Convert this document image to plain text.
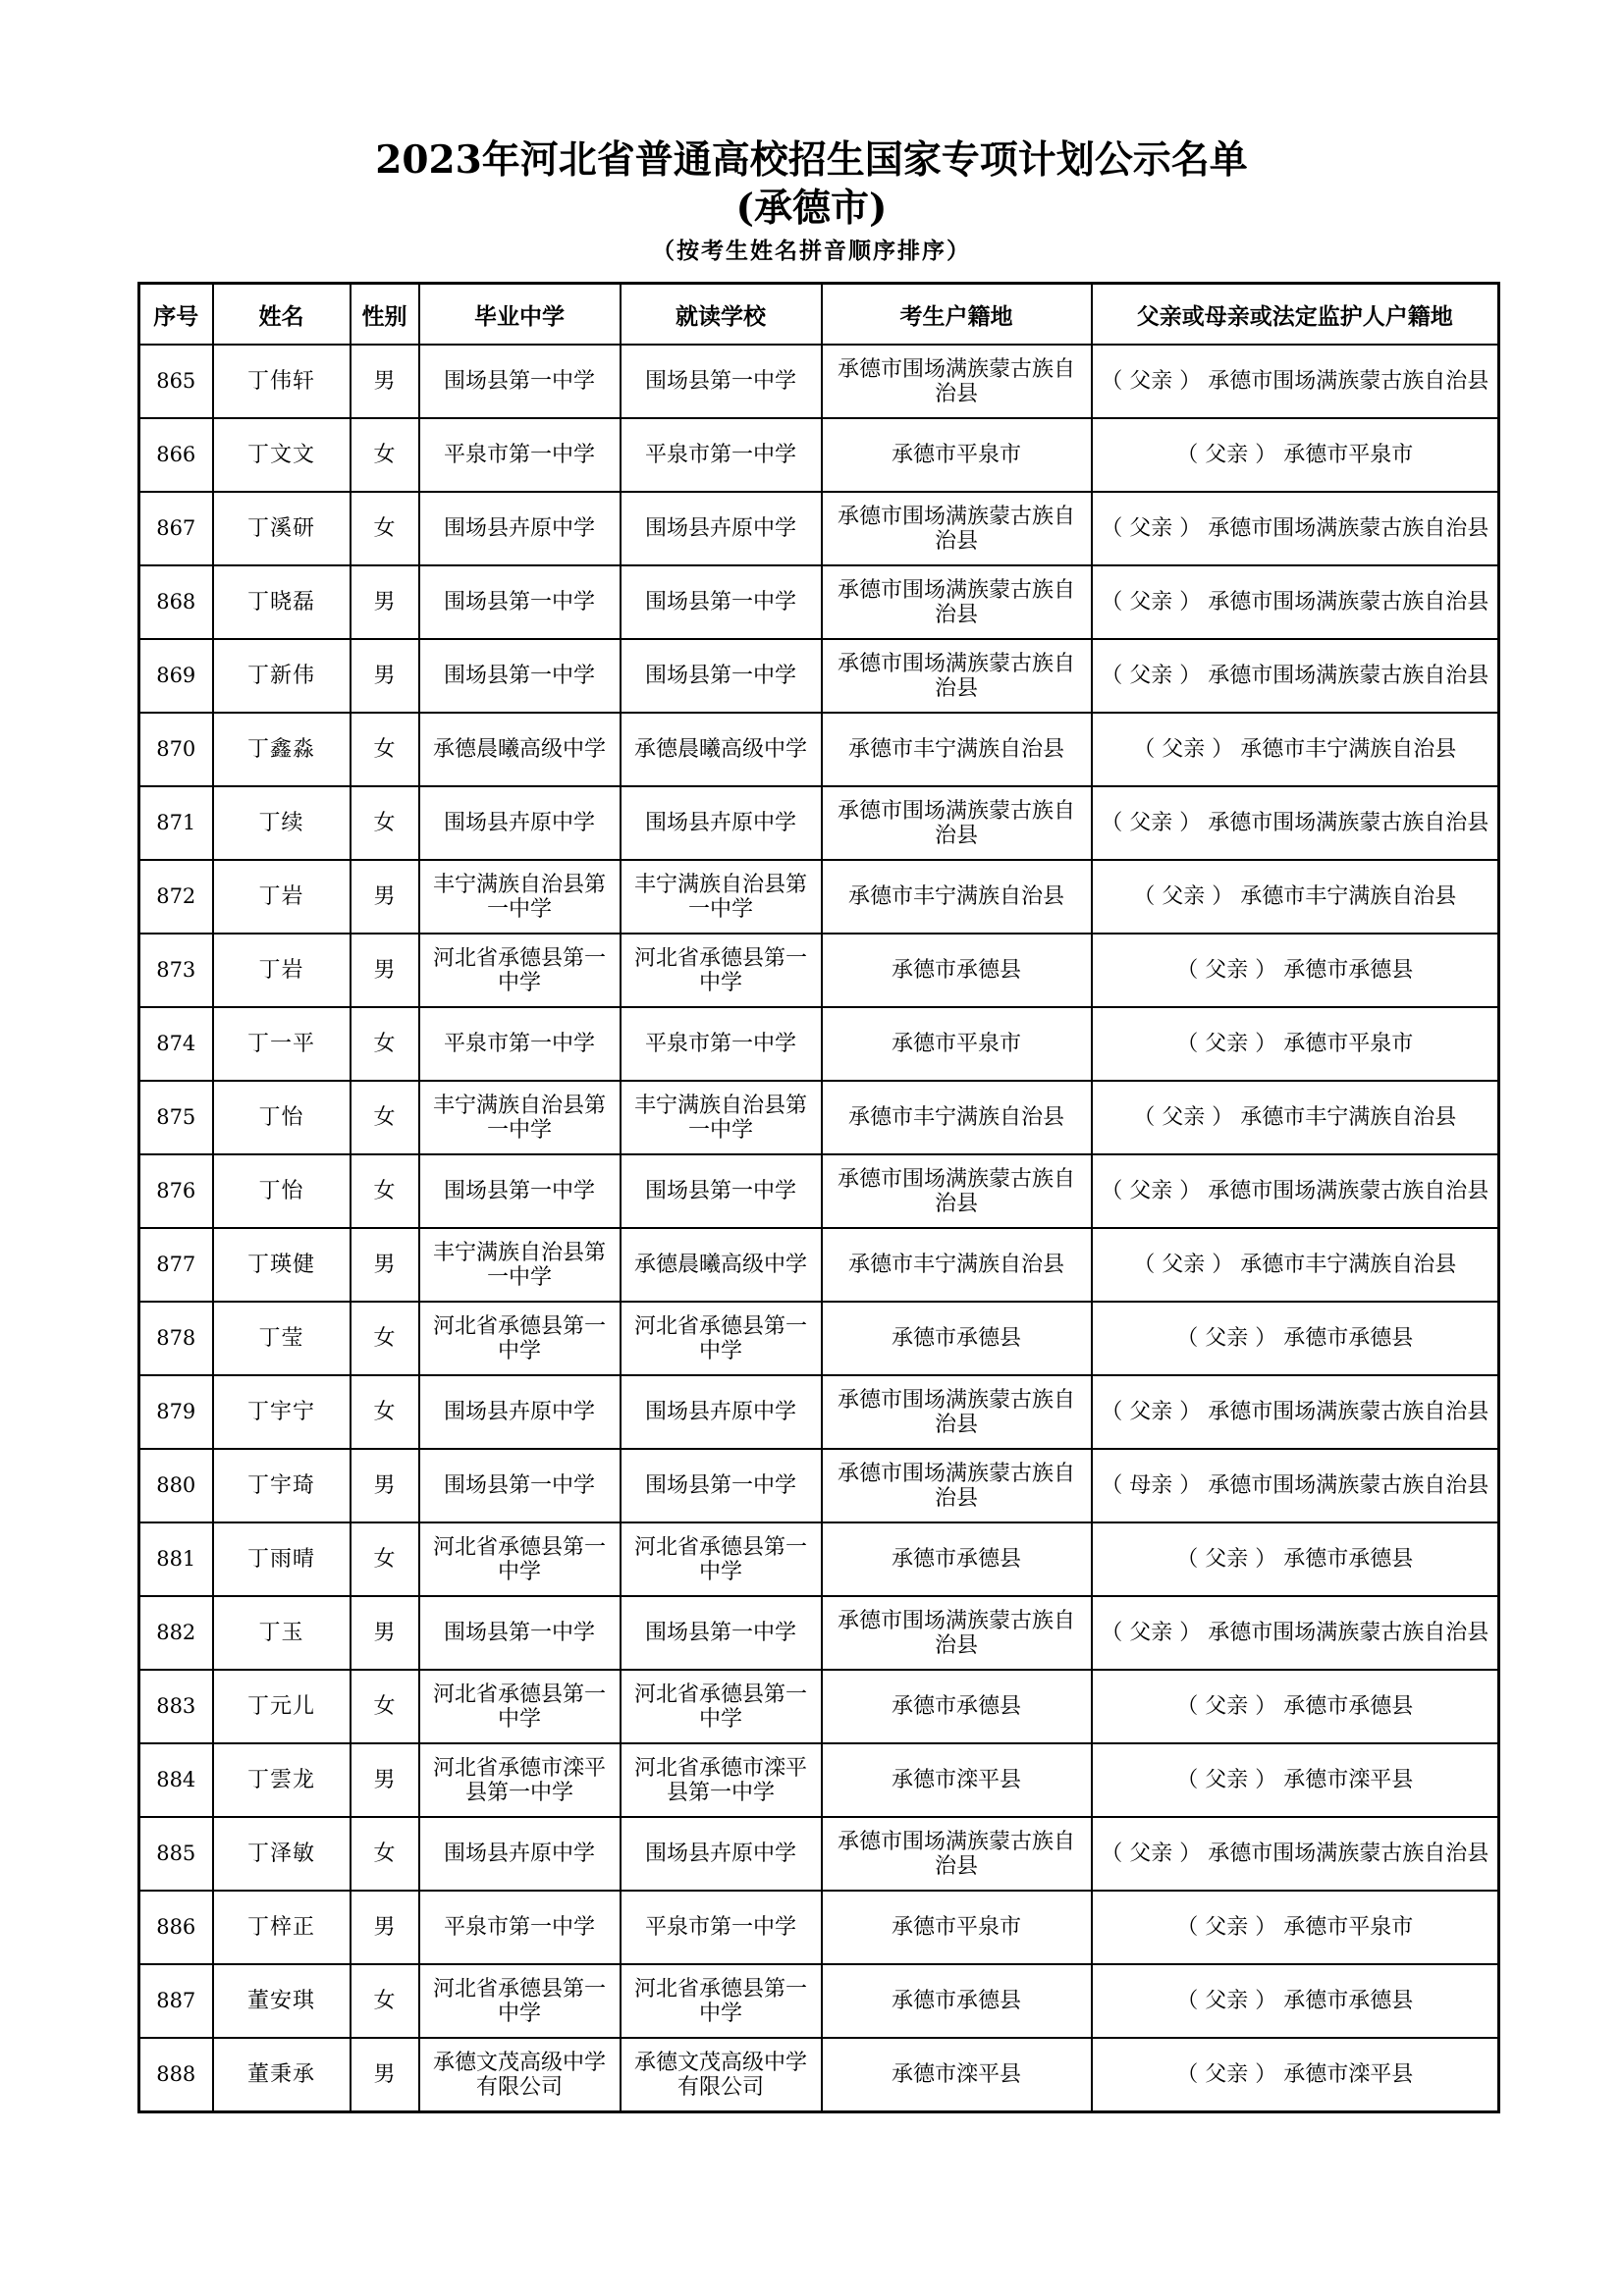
2023年河北省普通高校招生国家专项计划公示名单
(承德市)
（按考生姓名拼音顺序排序）
序号	姓名	性别	毕业中学	就读学校	考生户籍地	父亲或母亲或法定监护人户籍地
865	丁伟轩	男	围场县第一中学	围场县第一中学	承德市围场满族蒙古族自治县	（ 父亲 ） 承德市围场满族蒙古族自治县
866	丁文文	女	平泉市第一中学	平泉市第一中学	承德市平泉市	（ 父亲 ） 承德市平泉市
867	丁溪研	女	围场县卉原中学	围场县卉原中学	承德市围场满族蒙古族自治县	（ 父亲 ） 承德市围场满族蒙古族自治县
868	丁晓磊	男	围场县第一中学	围场县第一中学	承德市围场满族蒙古族自治县	（ 父亲 ） 承德市围场满族蒙古族自治县
869	丁新伟	男	围场县第一中学	围场县第一中学	承德市围场满族蒙古族自治县	（ 父亲 ） 承德市围场满族蒙古族自治县
870	丁鑫淼	女	承德晨曦高级中学	承德晨曦高级中学	承德市丰宁满族自治县	（ 父亲 ） 承德市丰宁满族自治县
871	丁续	女	围场县卉原中学	围场县卉原中学	承德市围场满族蒙古族自治县	（ 父亲 ） 承德市围场满族蒙古族自治县
872	丁岩	男	丰宁满族自治县第一中学	丰宁满族自治县第一中学	承德市丰宁满族自治县	（ 父亲 ） 承德市丰宁满族自治县
873	丁岩	男	河北省承德县第一中学	河北省承德县第一中学	承德市承德县	（ 父亲 ） 承德市承德县
874	丁一平	女	平泉市第一中学	平泉市第一中学	承德市平泉市	（ 父亲 ） 承德市平泉市
875	丁怡	女	丰宁满族自治县第一中学	丰宁满族自治县第一中学	承德市丰宁满族自治县	（ 父亲 ） 承德市丰宁满族自治县
876	丁怡	女	围场县第一中学	围场县第一中学	承德市围场满族蒙古族自治县	（ 父亲 ） 承德市围场满族蒙古族自治县
877	丁瑛健	男	丰宁满族自治县第一中学	承德晨曦高级中学	承德市丰宁满族自治县	（ 父亲 ） 承德市丰宁满族自治县
878	丁莹	女	河北省承德县第一中学	河北省承德县第一中学	承德市承德县	（ 父亲 ） 承德市承德县
879	丁宇宁	女	围场县卉原中学	围场县卉原中学	承德市围场满族蒙古族自治县	（ 父亲 ） 承德市围场满族蒙古族自治县
880	丁宇琦	男	围场县第一中学	围场县第一中学	承德市围场满族蒙古族自治县	（ 母亲 ） 承德市围场满族蒙古族自治县
881	丁雨晴	女	河北省承德县第一中学	河北省承德县第一中学	承德市承德县	（ 父亲 ） 承德市承德县
882	丁玉	男	围场县第一中学	围场县第一中学	承德市围场满族蒙古族自治县	（ 父亲 ） 承德市围场满族蒙古族自治县
883	丁元儿	女	河北省承德县第一中学	河北省承德县第一中学	承德市承德县	（ 父亲 ） 承德市承德县
884	丁雲龙	男	河北省承德市滦平县第一中学	河北省承德市滦平县第一中学	承德市滦平县	（ 父亲 ） 承德市滦平县
885	丁泽敏	女	围场县卉原中学	围场县卉原中学	承德市围场满族蒙古族自治县	（ 父亲 ） 承德市围场满族蒙古族自治县
886	丁梓正	男	平泉市第一中学	平泉市第一中学	承德市平泉市	（ 父亲 ） 承德市平泉市
887	董安琪	女	河北省承德县第一中学	河北省承德县第一中学	承德市承德县	（ 父亲 ） 承德市承德县
888	董秉承	男	承德文茂高级中学有限公司	承德文茂高级中学有限公司	承德市滦平县	（ 父亲 ） 承德市滦平县
